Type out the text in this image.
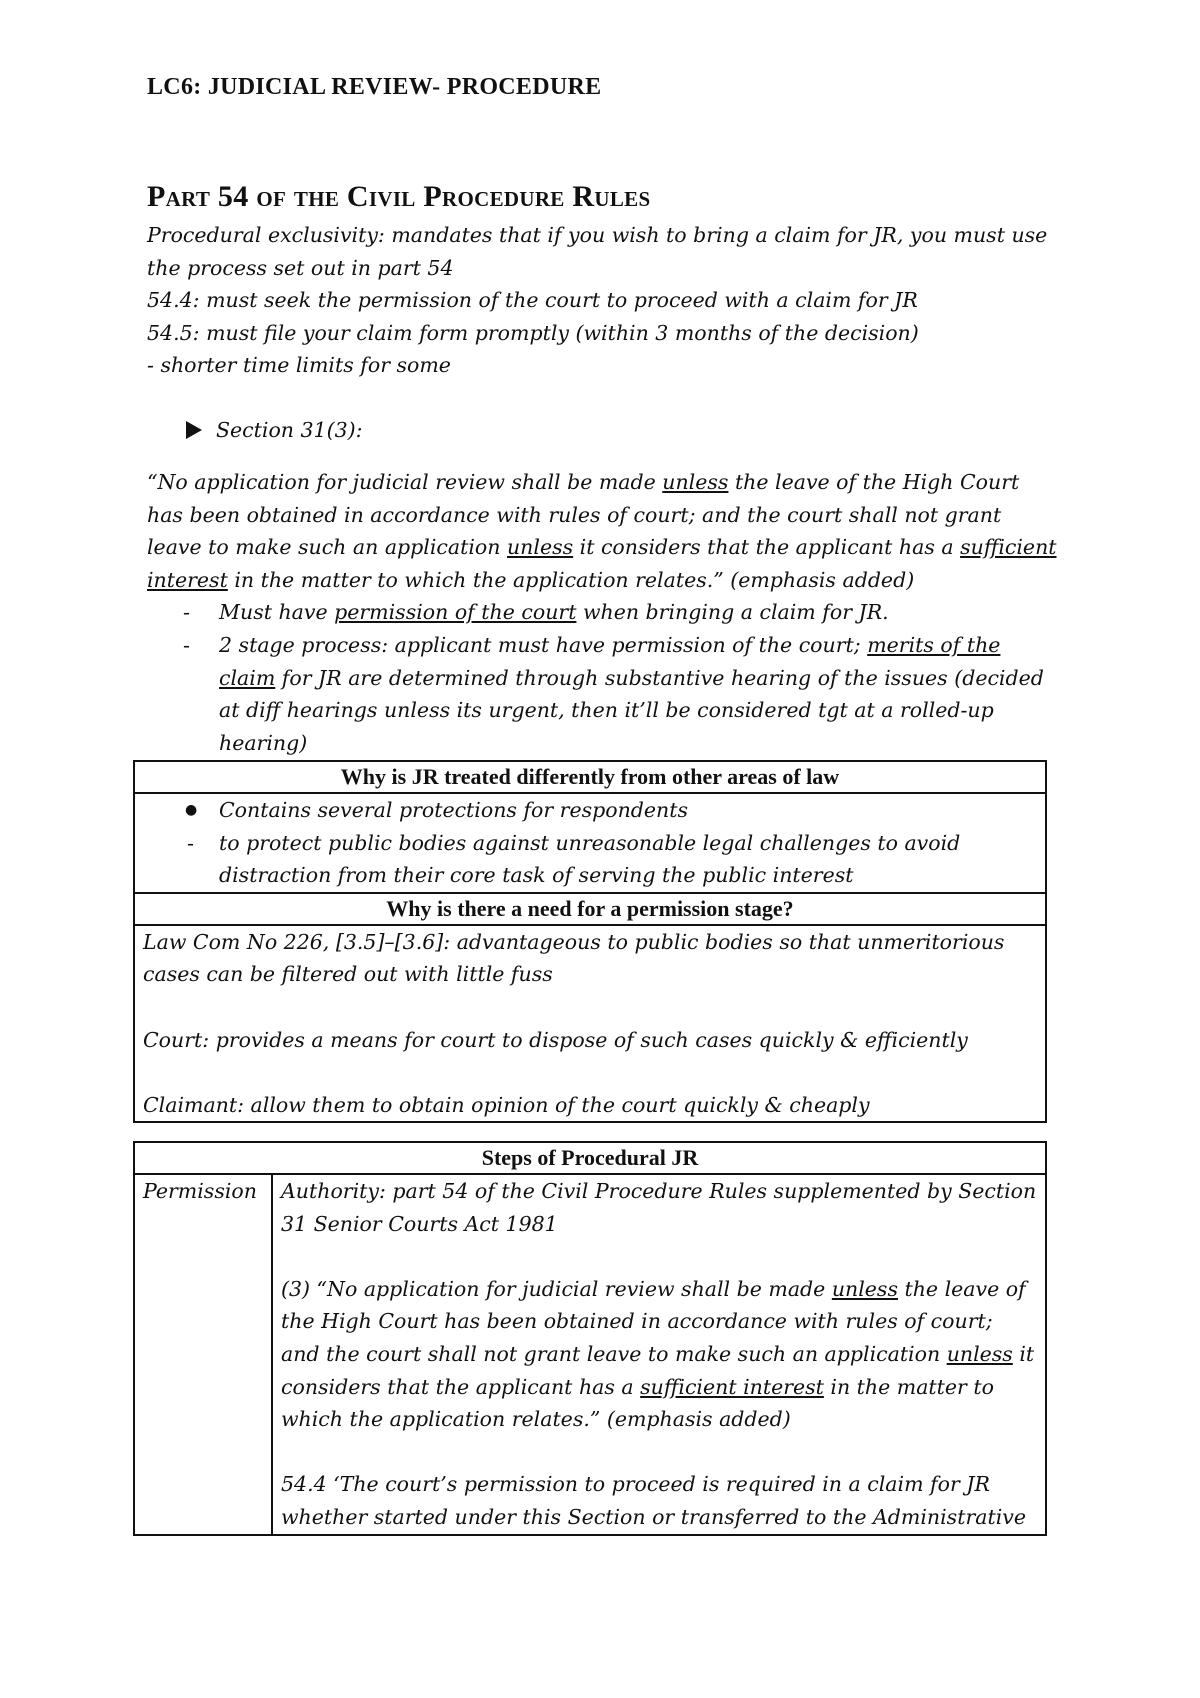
LC6: JUDICIAL REVIEW- PROCEDURE
Part 54 of the Civil Procedure Rules

Procedural exclusivity: mandates that if you wish to bring a claim for JR, you must use the process set out in part 54

54.4: must seek the permission of the court to proceed with a claim for JR

54.5: must file your claim form promptly (within 3 months of the decision)

- shorter time limits for some

Section 31(3):

“No application for judicial review shall be made unless the leave of the High Court has been obtained in accordance with rules of court; and the court shall not grant leave to make such an application unless it considers that the applicant has a sufficient interest in the matter to which the application relates.” (emphasis added)

- Must have permission of the court when bringing a claim for JR.
- 2 stage process: applicant must have permission of the court; merits of the claim for JR are determined through substantive hearing of the issues (decided at diff hearings unless its urgent, then it’ll be considered tgt at a rolled-up hearing)
Why is JR treated differently from other areas of law

● Contains several protections for respondents
- to protect public bodies against unreasonable legal challenges to avoid distraction from their core task of serving the public interest

Why is there a need for a permission stage?

Law Com No 226, [3.5]–[3.6]: advantageous to public bodies so that unmeritorious cases can be filtered out with little fuss
Court: provides a means for court to dispose of such cases quickly & efficiently
Claimant: allow them to obtain opinion of the court quickly & cheaply
Steps of Procedural JR
Permission	Authority: part 54 of the Civil Procedure Rules supplemented by Section 31 Senior Courts Act 1981
(3) “No application for judicial review shall be made unless the leave of the High Court has been obtained in accordance with rules of court; and the court shall not grant leave to make such an application unless it considers that the applicant has a sufficient interest in the matter to which the application relates.” (emphasis added)
54.4 ‘The court’s permission to proceed is required in a claim for JR whether started under this Section or transferred to the Administrative
